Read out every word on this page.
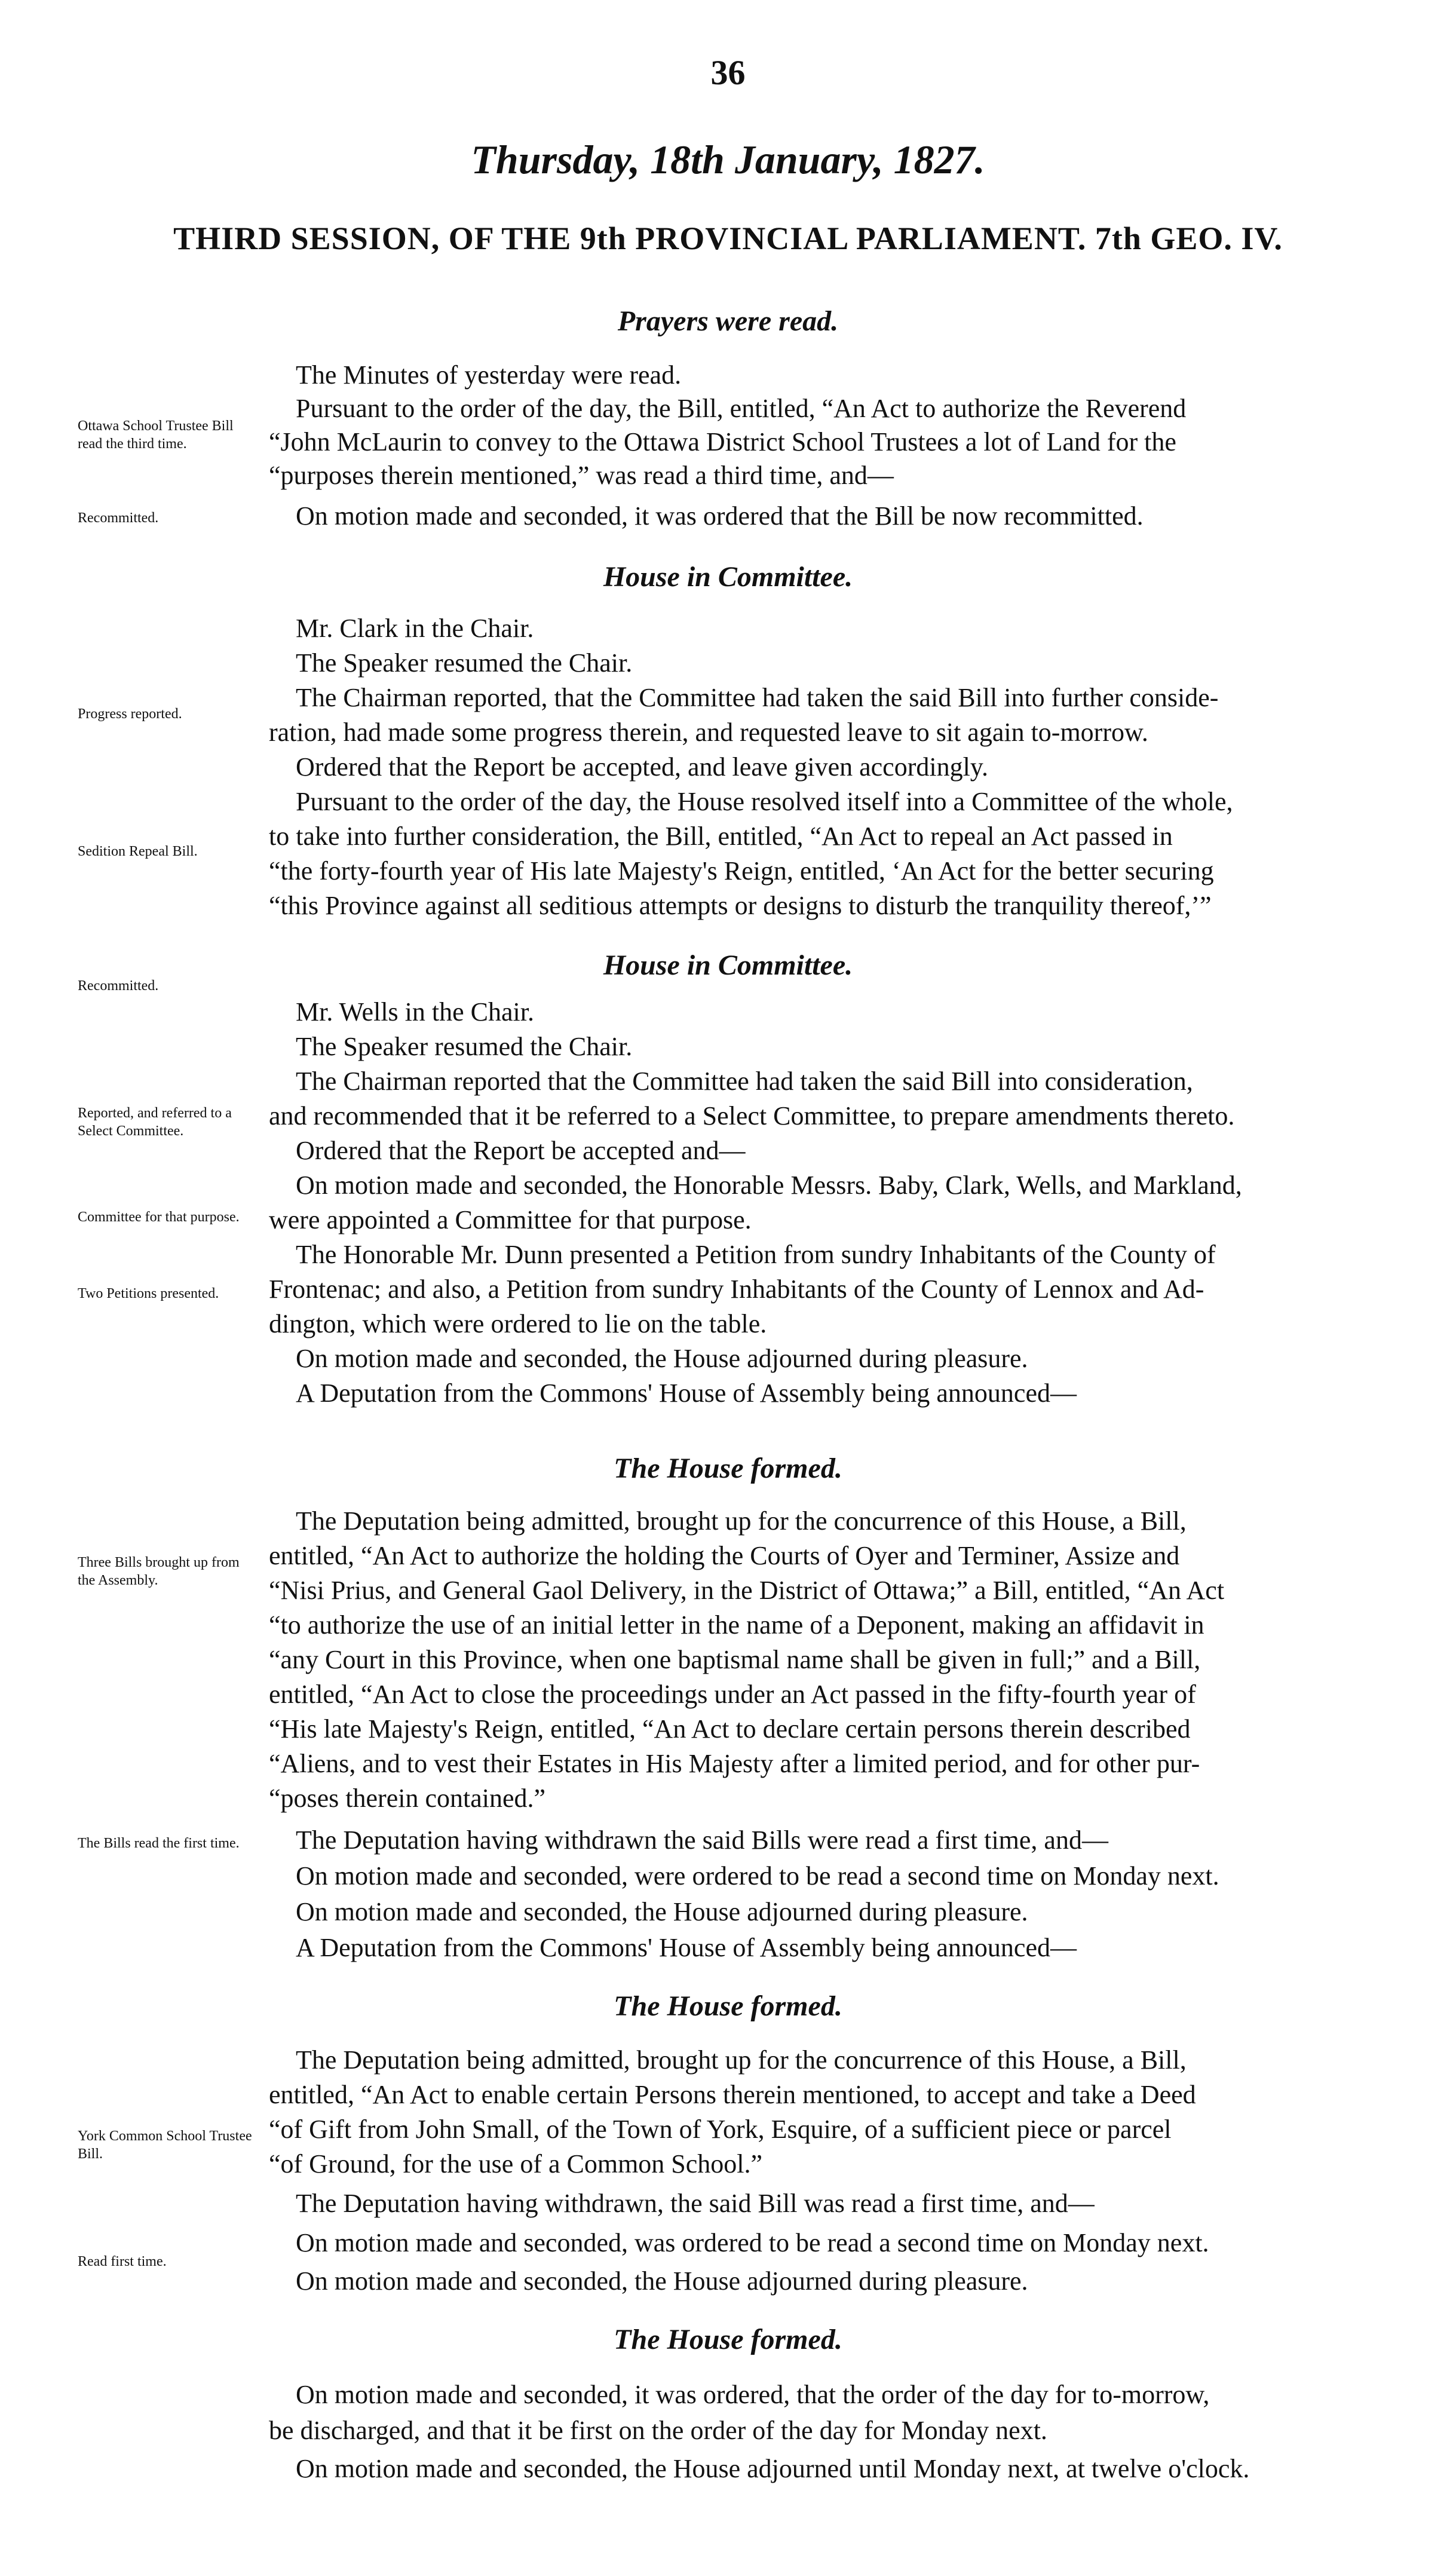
36
Thursday, 18th January, 1827.
THIRD SESSION, OF THE 9th PROVINCIAL PARLIAMENT. 7th GEO. IV.
Prayers were read.
House in Committee.
House in Committee.
The House formed.
The House formed.
The House formed.
Ottawa School Trustee Bill read the third time.
Recommitted.
Progress reported.
Sedition Repeal Bill.
Recommitted.
Reported, and referred to a Select Committee.
Committee for that purpose.
Two Petitions presented.
Three Bills brought up from the Assembly.
The Bills read the first time.
York Common School Trustee Bill.
Read first time.
The Minutes of yesterday were read.
Pursuant to the order of the day, the Bill, entitled, “An Act to authorize the Reverend
“John McLaurin to convey to the Ottawa District School Trustees a lot of Land for the
“purposes therein mentioned,” was read a third time, and—
On motion made and seconded, it was ordered that the Bill be now recommitted.
Mr. Clark in the Chair.
The Speaker resumed the Chair.
The Chairman reported, that the Committee had taken the said Bill into further conside-
ration, had made some progress therein, and requested leave to sit again to-morrow.
Ordered that the Report be accepted, and leave given accordingly.
Pursuant to the order of the day, the House resolved itself into a Committee of the whole,
to take into further consideration, the Bill, entitled, “An Act to repeal an Act passed in
“the forty-fourth year of His late Majesty's Reign, entitled, ‘An Act for the better securing
“this Province against all seditious attempts or designs to disturb the tranquility thereof,’”
Mr. Wells in the Chair.
The Speaker resumed the Chair.
The Chairman reported that the Committee had taken the said Bill into consideration,
and recommended that it be referred to a Select Committee, to prepare amendments thereto.
Ordered that the Report be accepted and—
On motion made and seconded, the Honorable Messrs. Baby, Clark, Wells, and Markland,
were appointed a Committee for that purpose.
The Honorable Mr. Dunn presented a Petition from sundry Inhabitants of the County of
Frontenac; and also, a Petition from sundry Inhabitants of the County of Lennox and Ad-
dington, which were ordered to lie on the table.
On motion made and seconded, the House adjourned during pleasure.
A Deputation from the Commons' House of Assembly being announced—
The Deputation being admitted, brought up for the concurrence of this House, a Bill,
entitled, “An Act to authorize the holding the Courts of Oyer and Terminer, Assize and
“Nisi Prius, and General Gaol Delivery, in the District of Ottawa;” a Bill, entitled, “An Act
“to authorize the use of an initial letter in the name of a Deponent, making an affidavit in
“any Court in this Province, when one baptismal name shall be given in full;” and a Bill,
entitled, “An Act to close the proceedings under an Act passed in the fifty-fourth year of
“His late Majesty's Reign, entitled, “An Act to declare certain persons therein described
“Aliens, and to vest their Estates in His Majesty after a limited period, and for other pur-
“poses therein contained.”
The Deputation having withdrawn the said Bills were read a first time, and—
On motion made and seconded, were ordered to be read a second time on Monday next.
On motion made and seconded, the House adjourned during pleasure.
A Deputation from the Commons' House of Assembly being announced—
The Deputation being admitted, brought up for the concurrence of this House, a Bill,
entitled, “An Act to enable certain Persons therein mentioned, to accept and take a Deed
“of Gift from John Small, of the Town of York, Esquire, of a sufficient piece or parcel
“of Ground, for the use of a Common School.”
The Deputation having withdrawn, the said Bill was read a first time, and—
On motion made and seconded, was ordered to be read a second time on Monday next.
On motion made and seconded, the House adjourned during pleasure.
On motion made and seconded, it was ordered, that the order of the day for to-morrow,
be discharged, and that it be first on the order of the day for Monday next.
On motion made and seconded, the House adjourned until Monday next, at twelve o'clock.
